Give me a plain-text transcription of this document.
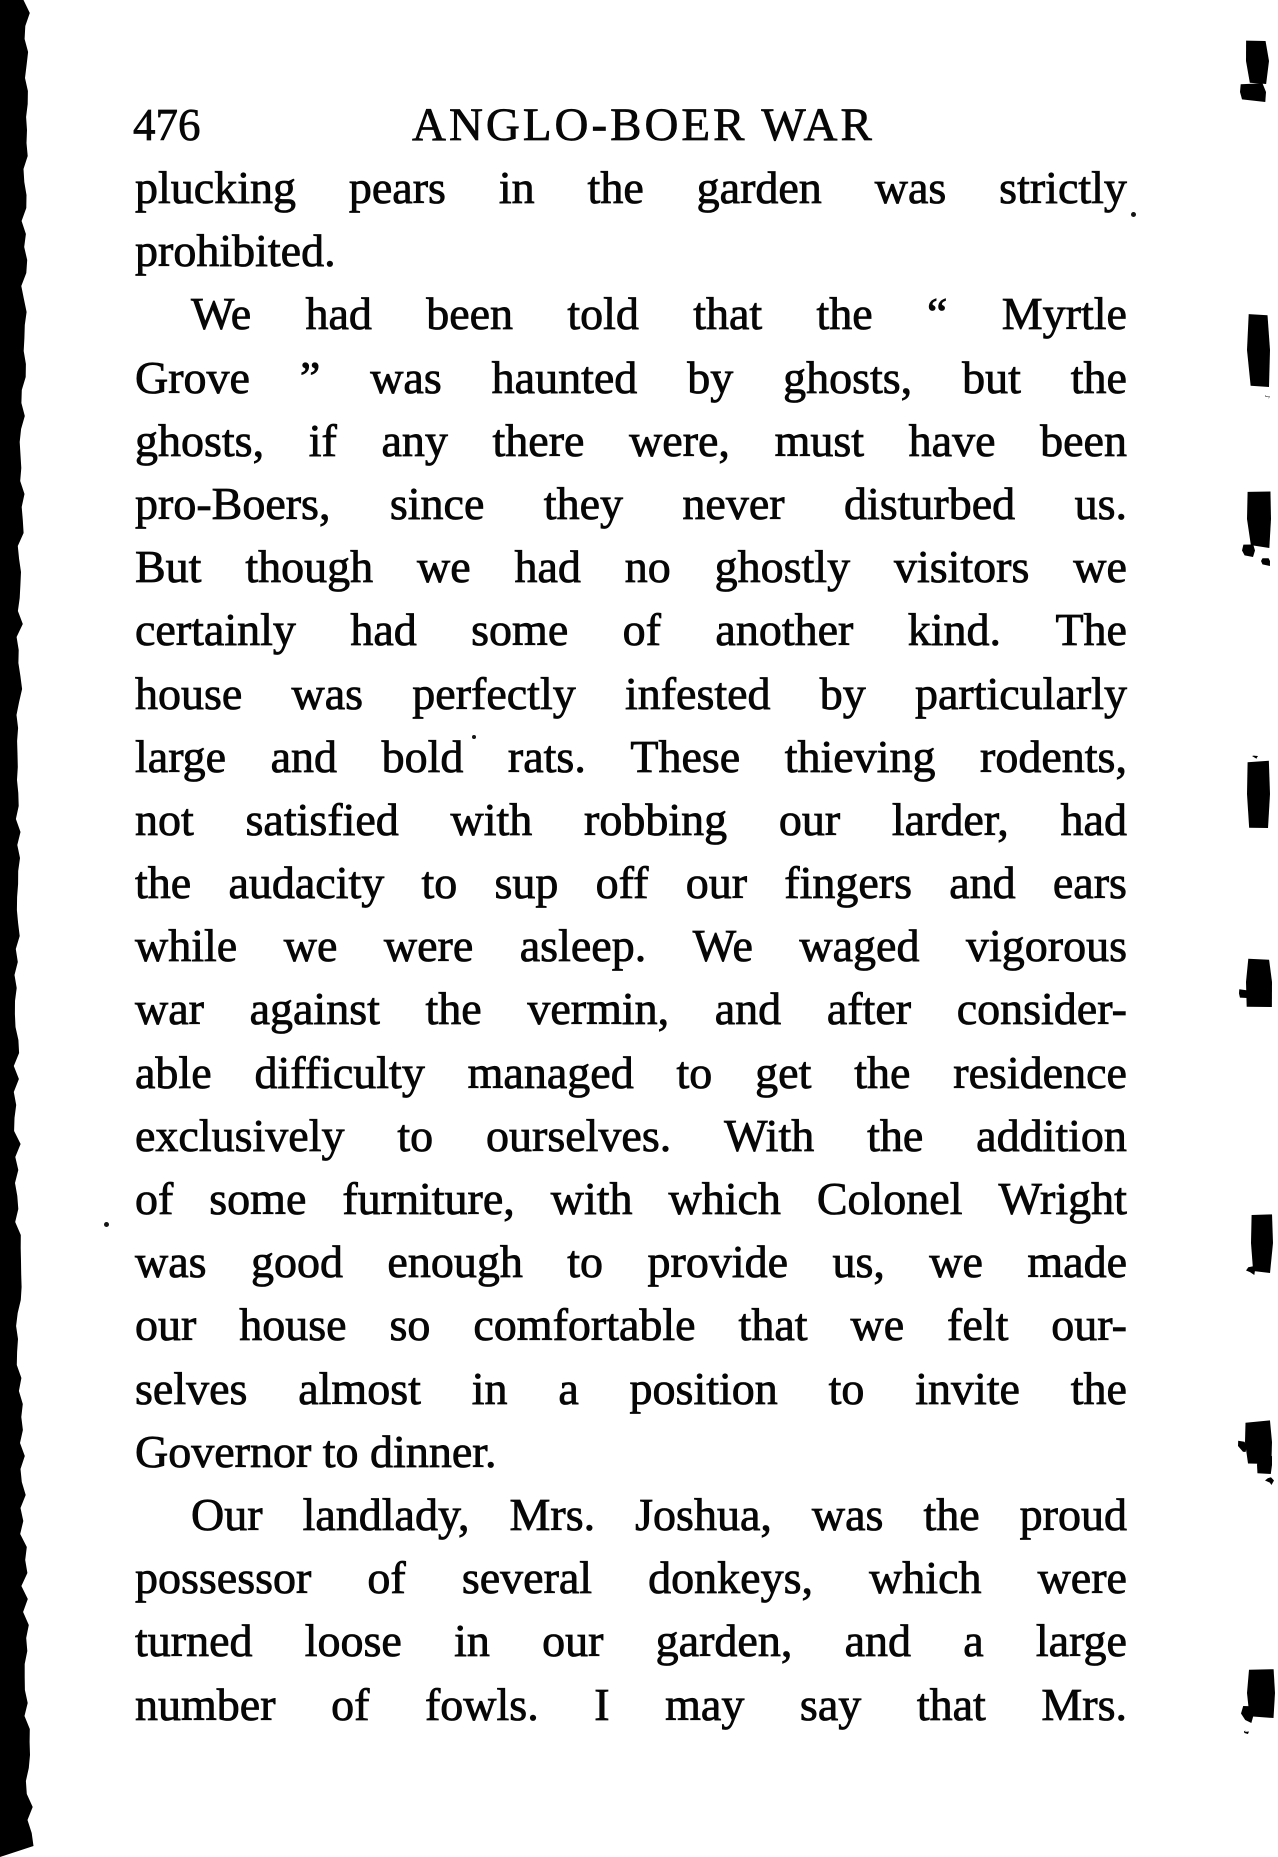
476	ANGLO-BOER WAR
plucking pears in the garden was strictly
prohibited.
We had been told that the “ Myrtle
Grove ” was haunted by ghosts, but the
ghosts, if any there were, must have been
pro-Boers, since they never disturbed us.
But though we had no ghostly visitors we
certainly had some of another kind. The
house was perfectly infested by particularly
large and bold rats. These thieving rodents,
not satisfied with robbing our larder, had
the audacity to sup off our fingers and ears
while we were asleep. We waged vigorous
war against the vermin, and after consider-
able difficulty managed to get the residence
exclusively to ourselves. With the addition
of some furniture, with which Colonel Wright
was good enough to provide us, we made
our house so comfortable that we felt our-
selves almost in a position to invite the
Governor to dinner.
Our landlady, Mrs. Joshua, was the proud
possessor of several donkeys, which were
turned loose in our garden, and a large
number of fowls. I may say that Mrs.
